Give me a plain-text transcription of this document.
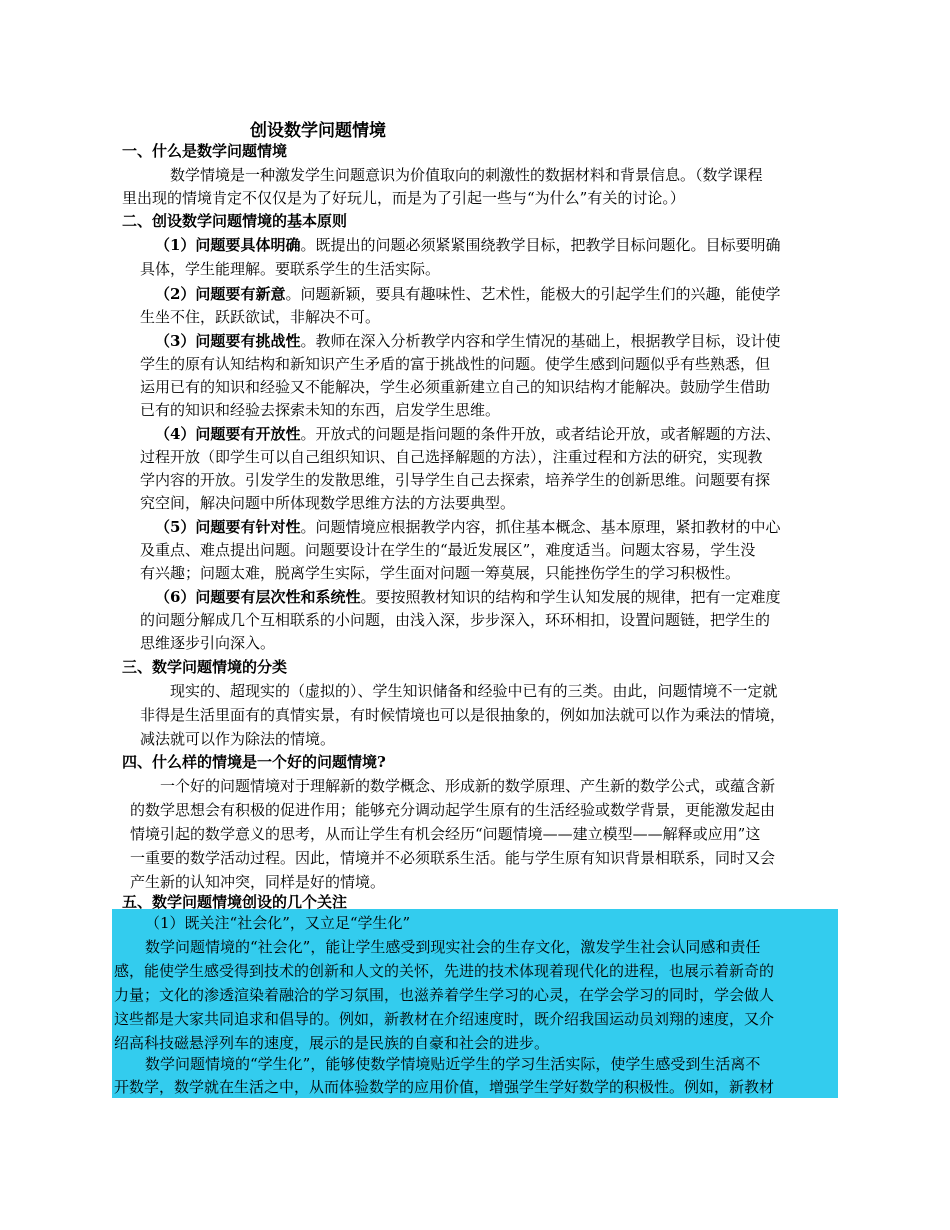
创设数学问题情境
一、什么是数学问题情境
数学情境是一种激发学生问题意识为价值取向的刺激性的数据材料和背景信息。（数学课程
里出现的情境肯定不仅仅是为了好玩儿，而是为了引起一些与“为什么”有关的讨论。）
二、创设数学问题情境的基本原则
（1）问题要具体明确。既提出的问题必须紧紧围绕教学目标，把教学目标问题化。目标要明确
具体，学生能理解。要联系学生的生活实际。
（2）问题要有新意。问题新颖，要具有趣味性、艺术性，能极大的引起学生们的兴趣，能使学
生坐不住，跃跃欲试，非解决不可。
（3）问题要有挑战性。教师在深入分析教学内容和学生情况的基础上，根据教学目标，设计使
学生的原有认知结构和新知识产生矛盾的富于挑战性的问题。使学生感到问题似乎有些熟悉，但
运用已有的知识和经验又不能解决，学生必须重新建立自己的知识结构才能解决。鼓励学生借助
已有的知识和经验去探索未知的东西，启发学生思维。
（4）问题要有开放性。开放式的问题是指问题的条件开放，或者结论开放，或者解题的方法、
过程开放（即学生可以自己组织知识、自己选择解题的方法），注重过程和方法的研究，实现教
学内容的开放。引发学生的发散思维，引导学生自己去探索，培养学生的创新思维。问题要有探
究空间，解决问题中所体现数学思维方法的方法要典型。
（5）问题要有针对性。问题情境应根据教学内容，抓住基本概念、基本原理，紧扣教材的中心
及重点、难点提出问题。问题要设计在学生的“最近发展区”，难度适当。问题太容易，学生没
有兴趣；问题太难，脱离学生实际，学生面对问题一筹莫展，只能挫伤学生的学习积极性。
（6）问题要有层次性和系统性。要按照教材知识的结构和学生认知发展的规律，把有一定难度
的问题分解成几个互相联系的小问题，由浅入深，步步深入，环环相扣，设置问题链，把学生的
思维逐步引向深入。
三、数学问题情境的分类
现实的、超现实的（虚拟的）、学生知识储备和经验中已有的三类。由此，问题情境不一定就
非得是生活里面有的真情实景，有时候情境也可以是很抽象的，例如加法就可以作为乘法的情境，
减法就可以作为除法的情境。
四、什么样的情境是一个好的问题情境?
一个好的问题情境对于理解新的数学概念、形成新的数学原理、产生新的数学公式，或蕴含新
的数学思想会有积极的促进作用；能够充分调动起学生原有的生活经验或数学背景，更能激发起由
情境引起的数学意义的思考，从而让学生有机会经历“问题情境——建立模型——解释或应用”这
一重要的数学活动过程。因此，情境并不必须联系生活。能与学生原有知识背景相联系，同时又会
产生新的认知冲突，同样是好的情境。
五、数学问题情境创设的几个关注
（1）既关注“社会化”，又立足“学生化”
数学问题情境的“社会化”，能让学生感受到现实社会的生存文化，激发学生社会认同感和责任
感，能使学生感受得到技术的创新和人文的关怀，先进的技术体现着现代化的进程，也展示着新奇的
力量；文化的渗透渲染着融洽的学习氛围，也滋养着学生学习的心灵，在学会学习的同时，学会做人
这些都是大家共同追求和倡导的。例如，新教材在介绍速度时，既介绍我国运动员刘翔的速度，又介
绍高科技磁悬浮列车的速度，展示的是民族的自豪和社会的进步。
数学问题情境的“学生化”，能够使数学情境贴近学生的学习生活实际，使学生感受到生活离不
开数学，数学就在生活之中，从而体验数学的应用价值，增强学生学好数学的积极性。例如，新教材
